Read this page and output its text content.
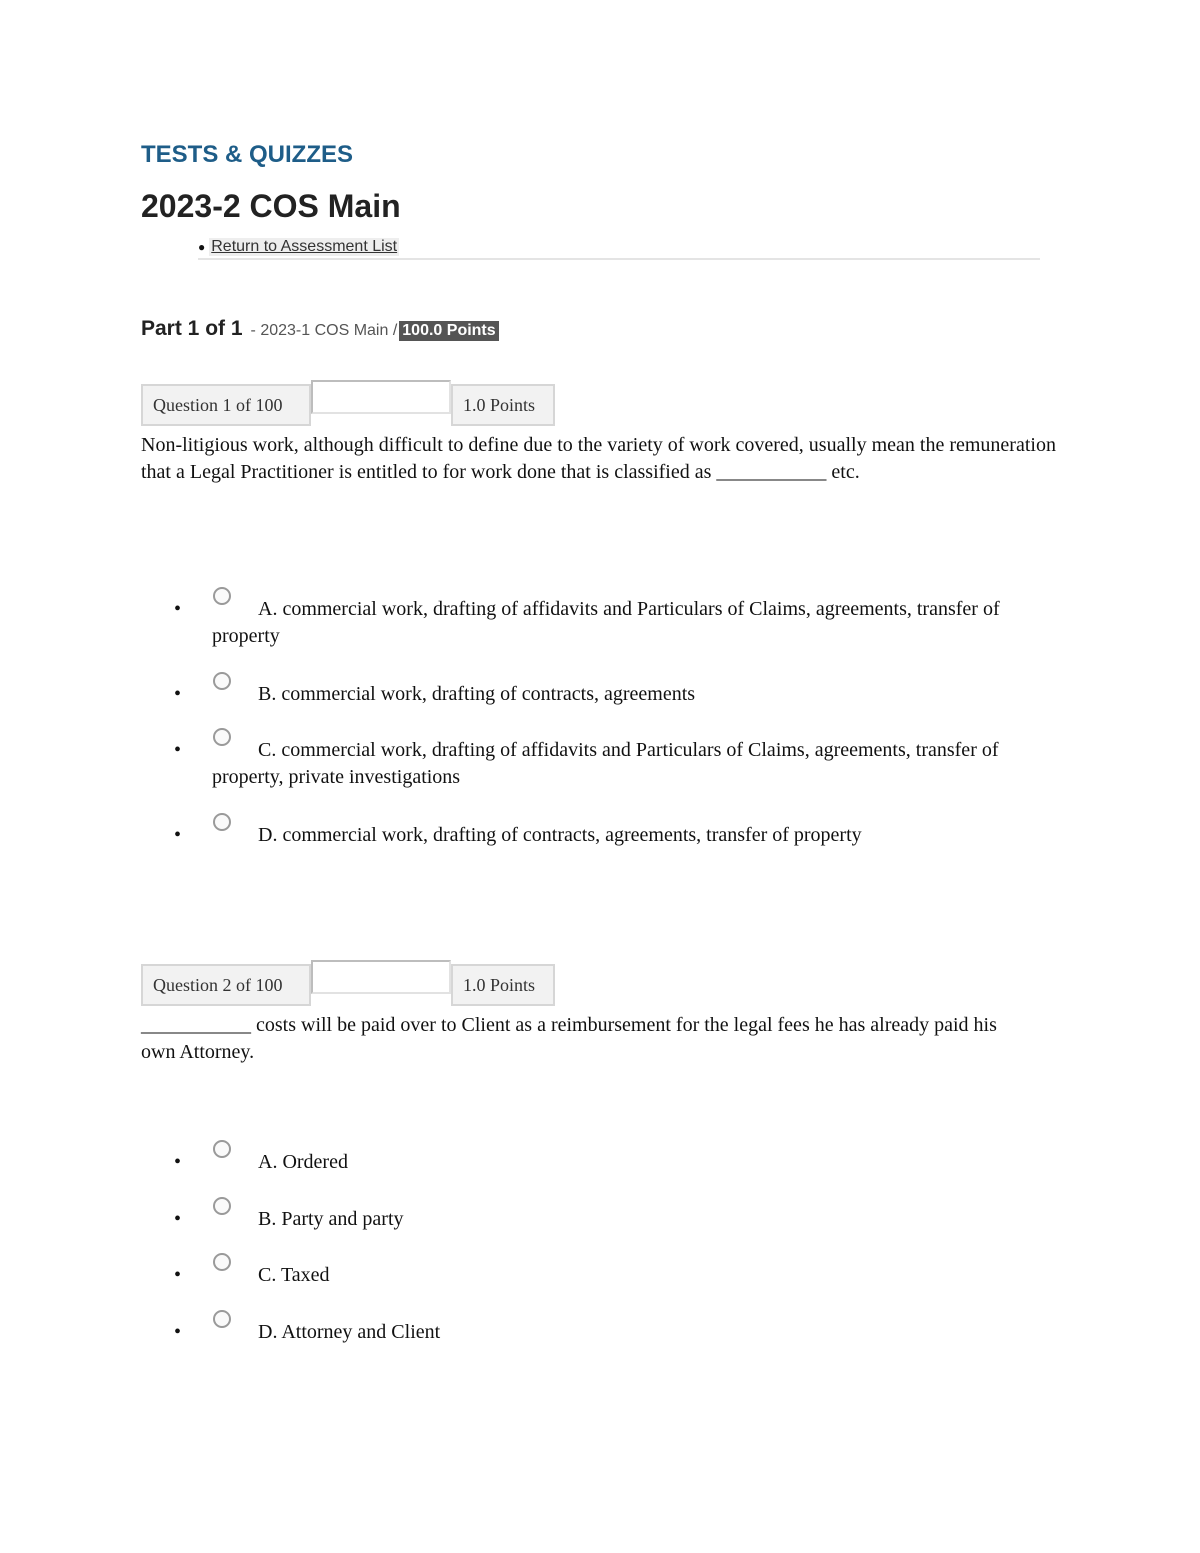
TESTS & QUIZZES
2023-2 COS Main
● Return to Assessment List
Part 1 of 1 - 2023-1 COS Main / 100.0 Points
Question 1 of 100	1.0 Points

Non-litigious work, although difficult to define due to the variety of work covered, usually mean the remuneration that a Legal Practitioner is entitled to for work done that is classified as ___________ etc.

•	A. commercial work, drafting of affidavits and Particulars of Claims, agreements, transfer of property
•	B. commercial work, drafting of contracts, agreements
•	C. commercial work, drafting of affidavits and Particulars of Claims, agreements, transfer of property, private investigations
•	D. commercial work, drafting of contracts, agreements, transfer of property
Question 2 of 100	1.0 Points

___________ costs will be paid over to Client as a reimbursement for the legal fees he has already paid his own Attorney.

•	A. Ordered
•	B. Party and party
•	C. Taxed
•	D. Attorney and Client
